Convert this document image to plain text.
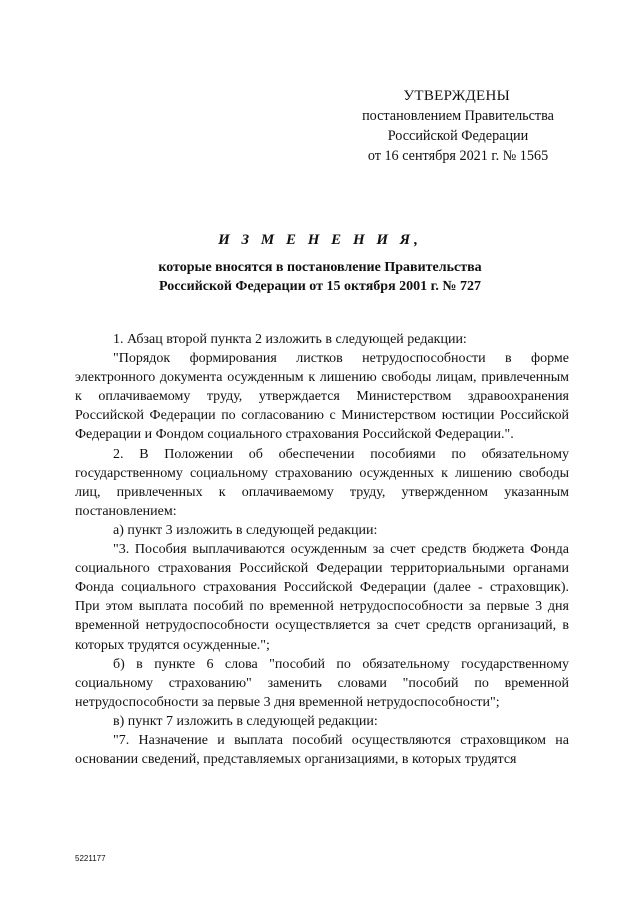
УТВЕРЖДЕНЫ
постановлением Правительства
Российской Федерации
от 16 сентября 2021 г. № 1565
И З М Е Н Е Н И Я,
которые вносятся в постановление Правительства
Российской Федерации от 15 октября 2001 г. № 727

1. Абзац второй пункта 2 изложить в следующей редакции:

"Порядок формирования листков нетрудоспособности в форме электронного документа осужденным к лишению свободы лицам, привлеченным к оплачиваемому труду, утверждается Министерством здравоохранения Российской Федерации по согласованию с Министерством юстиции Российской Федерации и Фондом социального страхования Российской Федерации.".

2. В Положении об обеспечении пособиями по обязательному государственному социальному страхованию осужденных к лишению свободы лиц, привлеченных к оплачиваемому труду, утвержденном указанным постановлением:

а) пункт 3 изложить в следующей редакции:

"3. Пособия выплачиваются осужденным за счет средств бюджета Фонда социального страхования Российской Федерации территориальными органами Фонда социального страхования Российской Федерации (далее - страховщик). При этом выплата пособий по временной нетрудоспособности за первые 3 дня временной нетрудоспособности осуществляется за счет средств организаций, в которых трудятся осужденные.";

б) в пункте 6 слова "пособий по обязательному государственному социальному страхованию" заменить словами "пособий по временной нетрудоспособности за первые 3 дня временной нетрудоспособности";

в) пункт 7 изложить в следующей редакции:

"7. Назначение и выплата пособий осуществляются страховщиком на основании сведений, представляемых организациями, в которых трудятся

5221177
